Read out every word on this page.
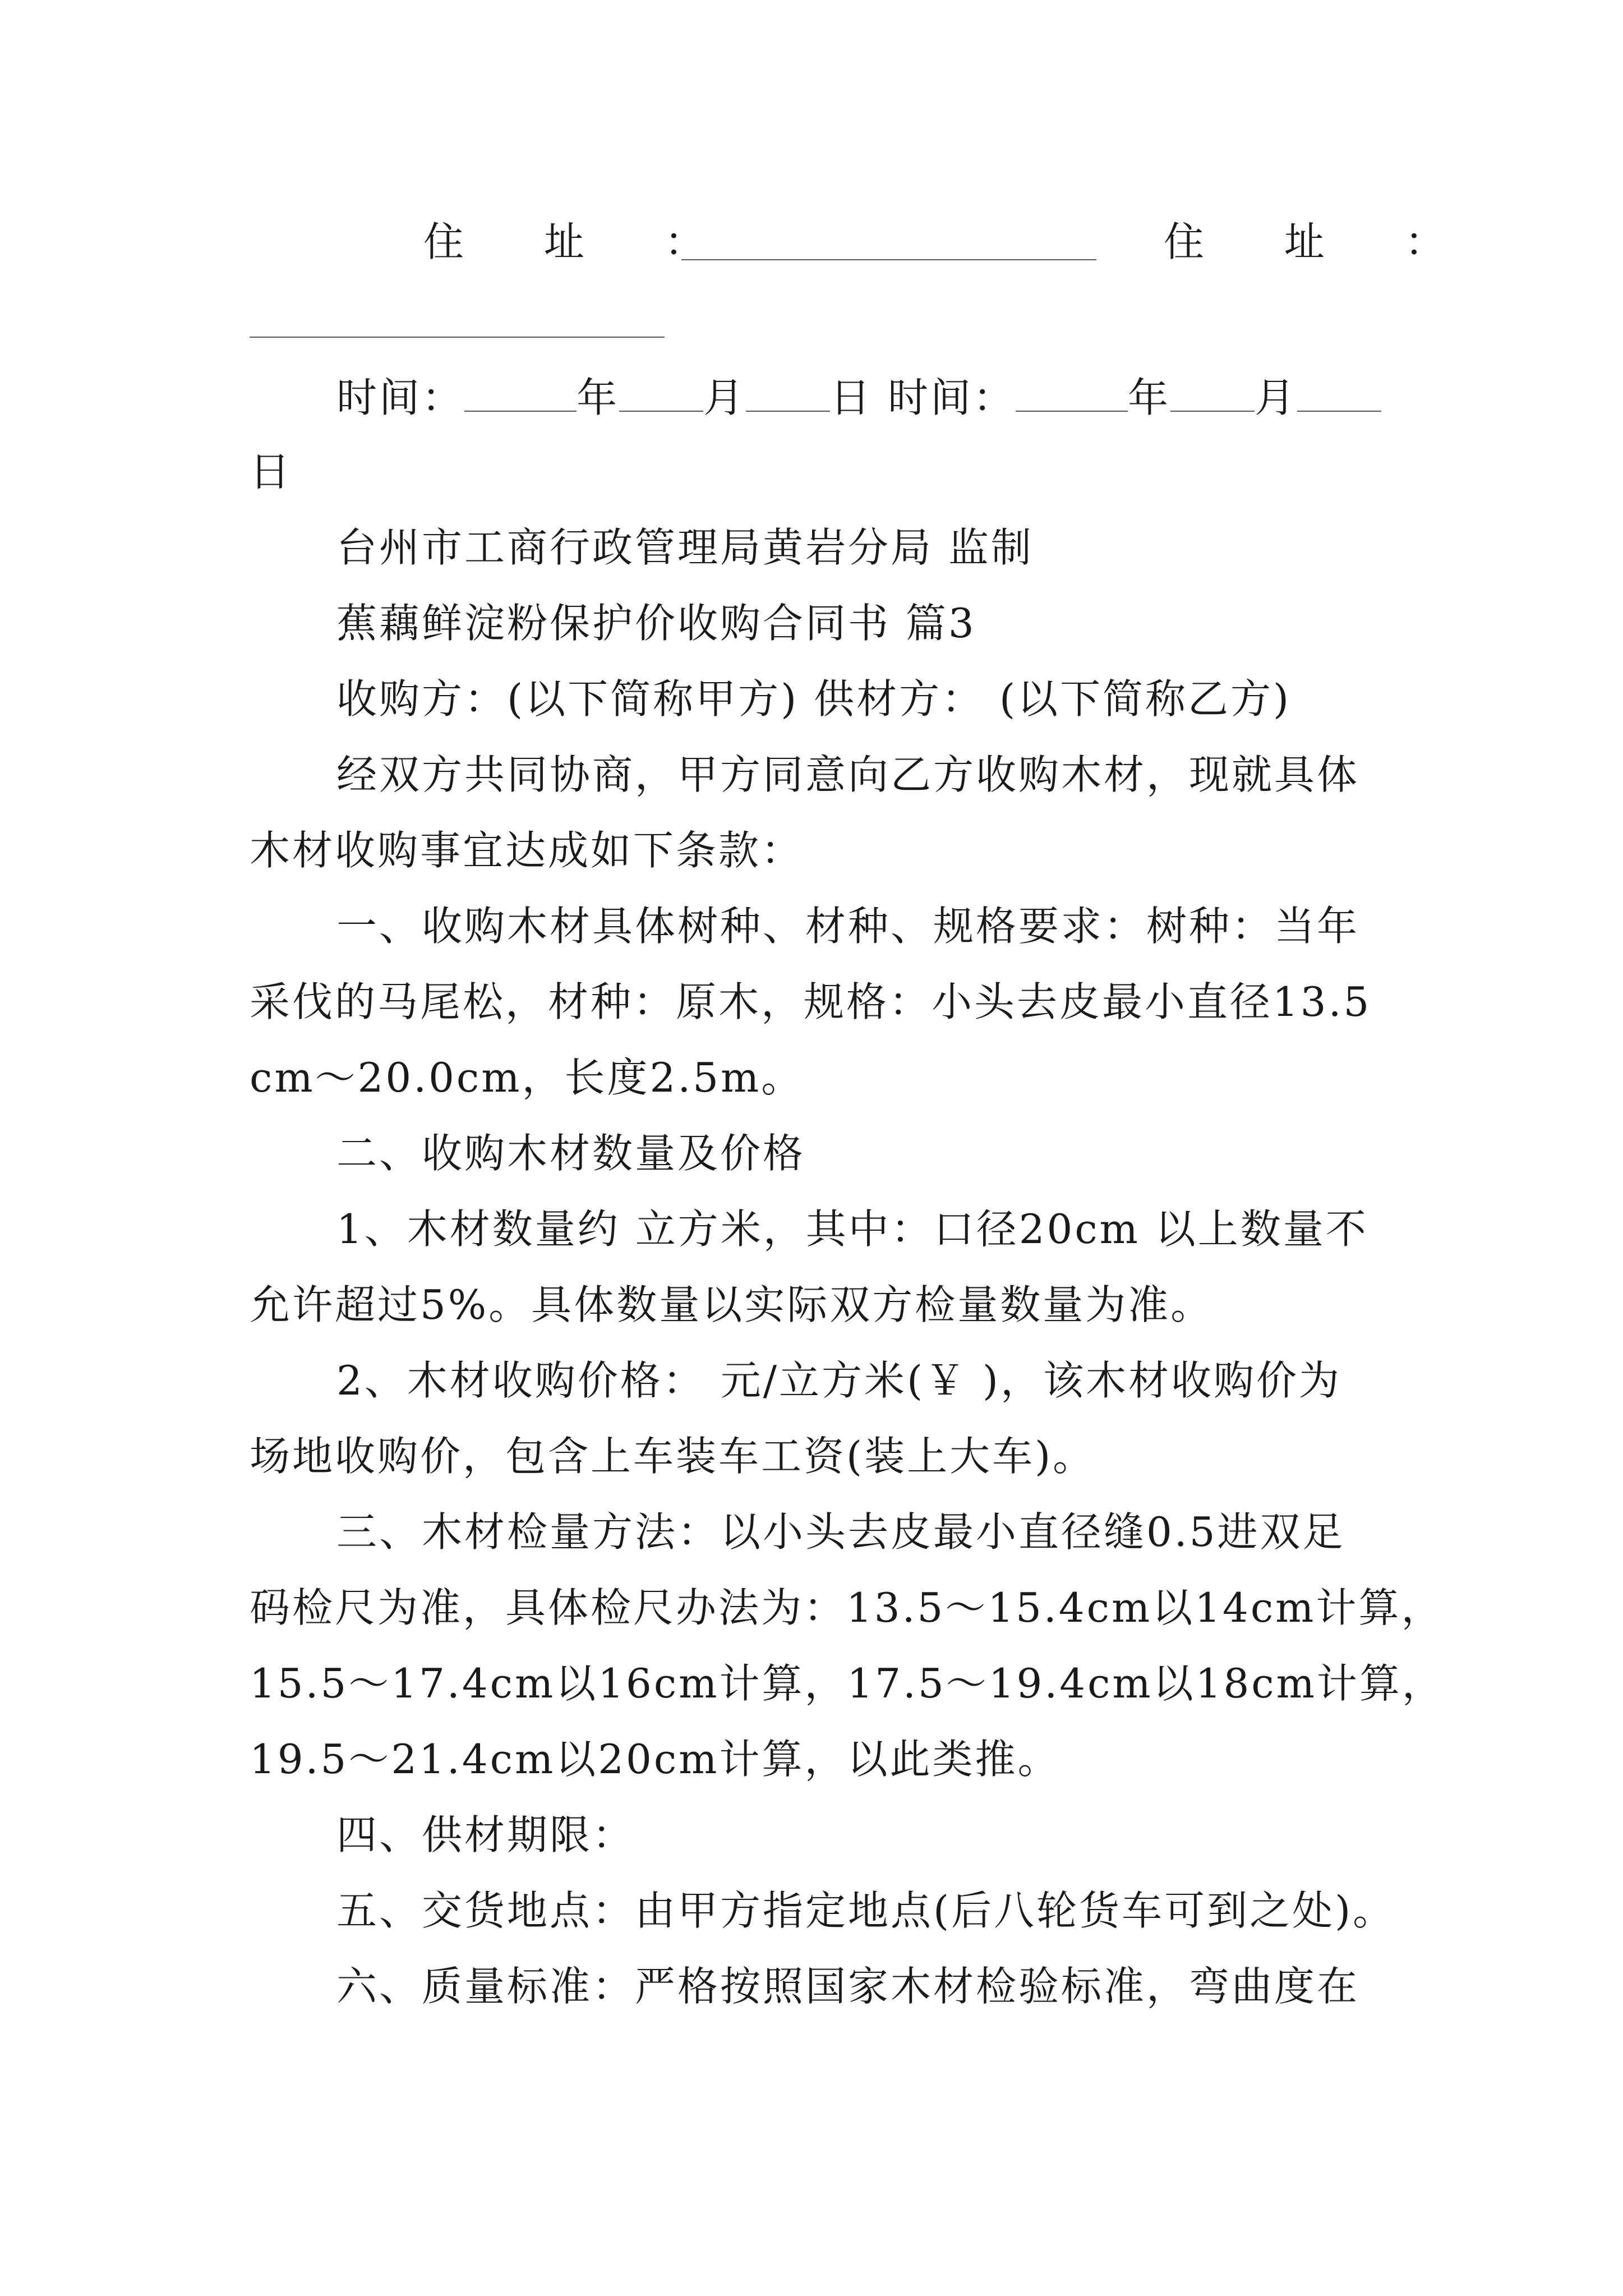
住 址 ：	住 址 ：
时间：	年 月 日 时间：	年 月
日
台州市工商行政管理局黄岩分局 监制
蕉藕鲜淀粉保护价收购合同书 篇3
收购方：(以下简称甲方) 供材方： (以下简称乙方)
经双方共同协商，甲方同意向乙方收购木材，现就具体
木材收购事宜达成如下条款：
一、收购木材具体树种、材种、规格要求：树种：当年
采伐的马尾松，材种：原木，规格：小头去皮最小直径13.5
cm～20.0cm，长度2.5m。
二、收购木材数量及价格
1、木材数量约 立方米，其中：口径20cm 以上数量不
允许超过5%。具体数量以实际双方检量数量为准。
2、木材收购价格： 元/立方米(￥ )，该木材收购价为
场地收购价，包含上车装车工资(装上大车)。
三、木材检量方法：以小头去皮最小直径缝0.5进双足
码检尺为准，具体检尺办法为：13.5～15.4cm以14cm计算，
15.5～17.4cm以16cm计算，17.5～19.4cm以18cm计算，
19.5～21.4cm以20cm计算，以此类推。
四、供材期限：
五、交货地点：由甲方指定地点(后八轮货车可到之处)。
六、质量标准：严格按照国家木材检验标准，弯曲度在
